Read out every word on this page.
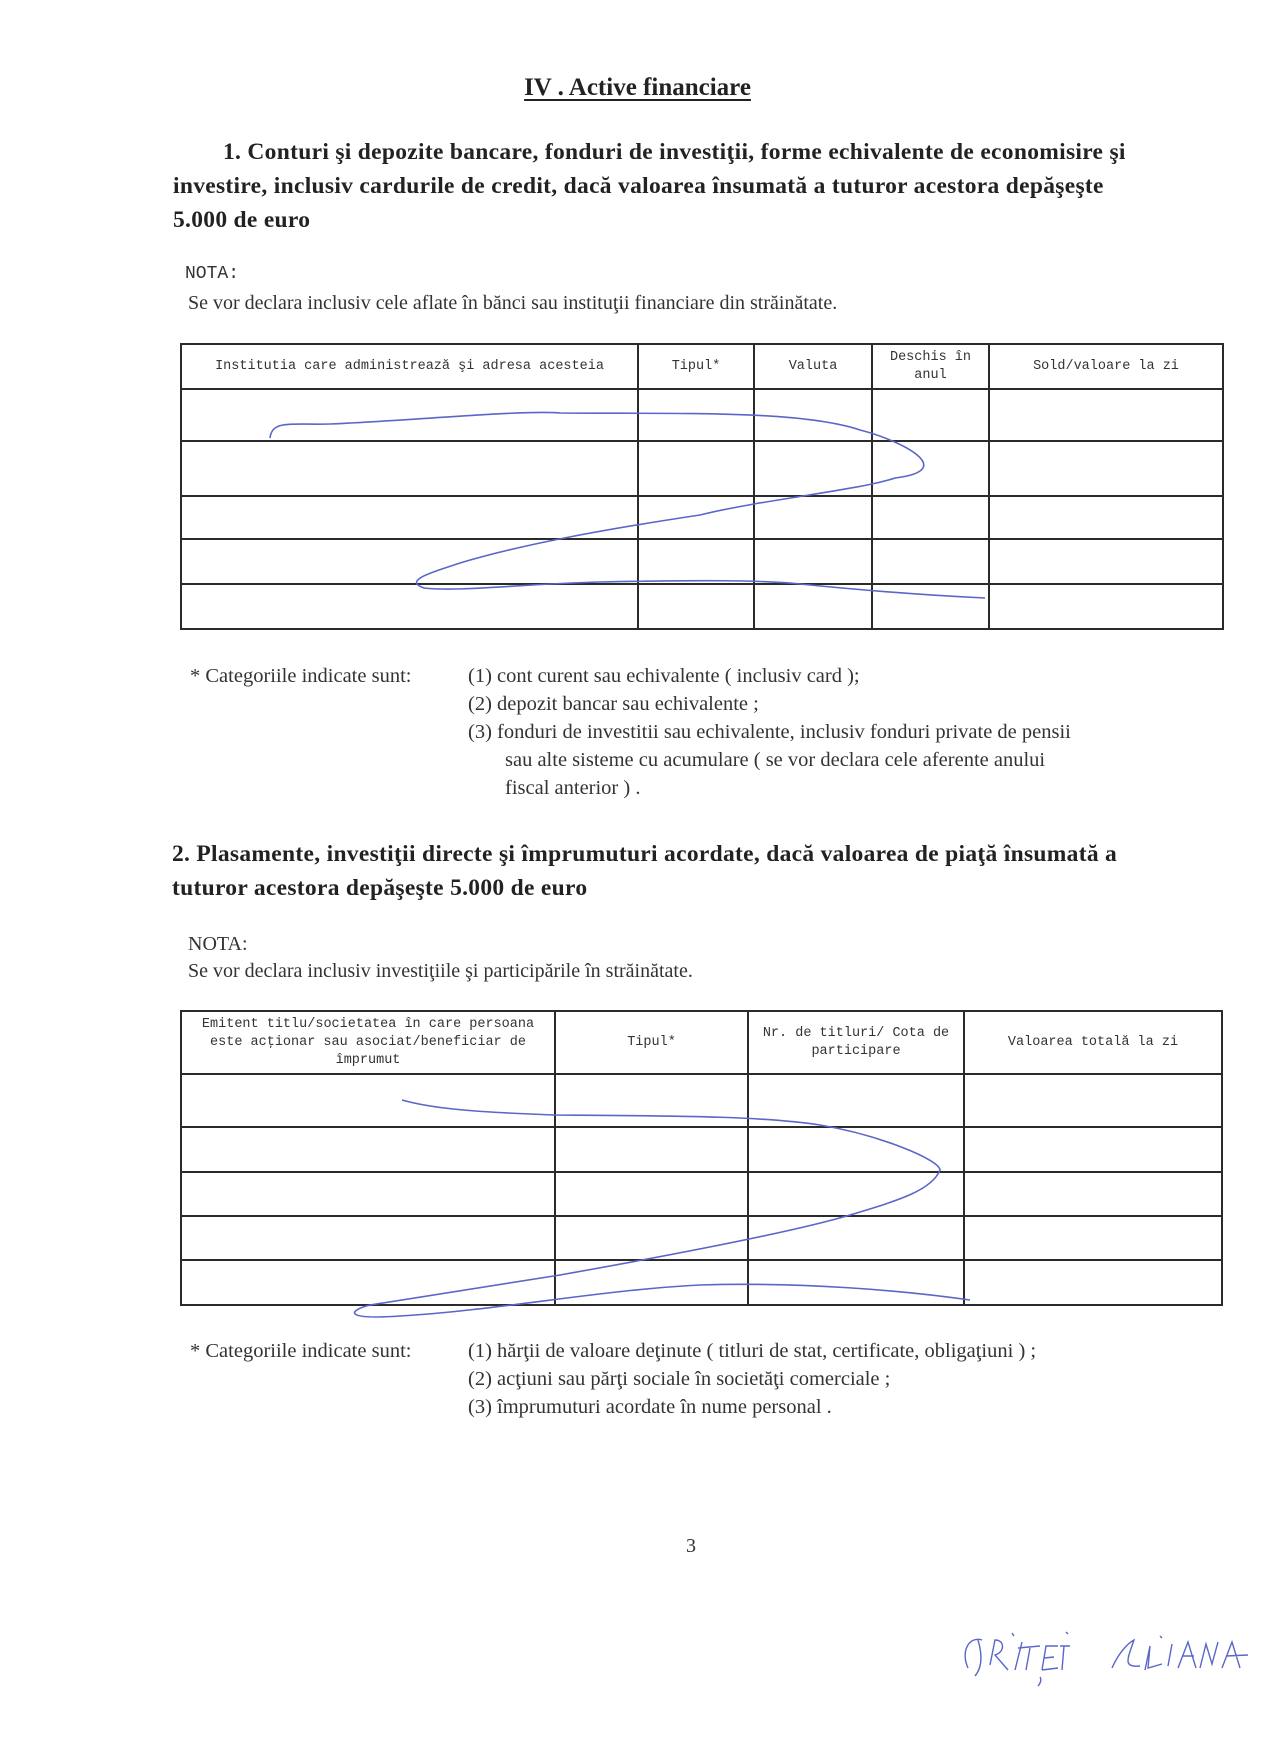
IV . Active financiare
1. Conturi şi depozite bancare, fonduri de investiţii, forme echivalente de economisire şi investire, inclusiv cardurile de credit, dacă valoarea însumată a tuturor acestora depăşeşte 5.000 de euro
NOTA:
Se vor declara inclusiv cele aflate în bănci sau instituţii financiare din străinătate.
Institutia care administrează şi adresa acesteia	Tipul*	Valuta	Deschis în anul	Sold/valoare la zi

* Categoriile indicate sunt:	(1) cont curent sau echivalente ( inclusiv card );
(2) depozit bancar sau echivalente ;
(3) fonduri de investitii sau echivalente, inclusiv fonduri private de pensii
sau alte sisteme cu acumulare ( se vor declara cele aferente anului
fiscal anterior ) .
2. Plasamente, investiţii directe şi împrumuturi acordate, dacă valoarea de piaţă însumată a tuturor acestora depăşeşte 5.000 de euro
NOTA:
Se vor declara inclusiv investiţiile şi participările în străinătate.
Emitent titlu/societatea în care persoana este acţionar sau asociat/beneficiar de împrumut	Tipul*	Nr. de titluri/ Cota de participare	Valoarea totală la zi

* Categoriile indicate sunt:	(1) hărţii de valoare deţinute ( titluri de stat, certificate, obligaţiuni ) ;
(2) acţiuni sau părţi sociale în societăţi comerciale ;
(3) împrumuturi acordate în nume personal .
3
